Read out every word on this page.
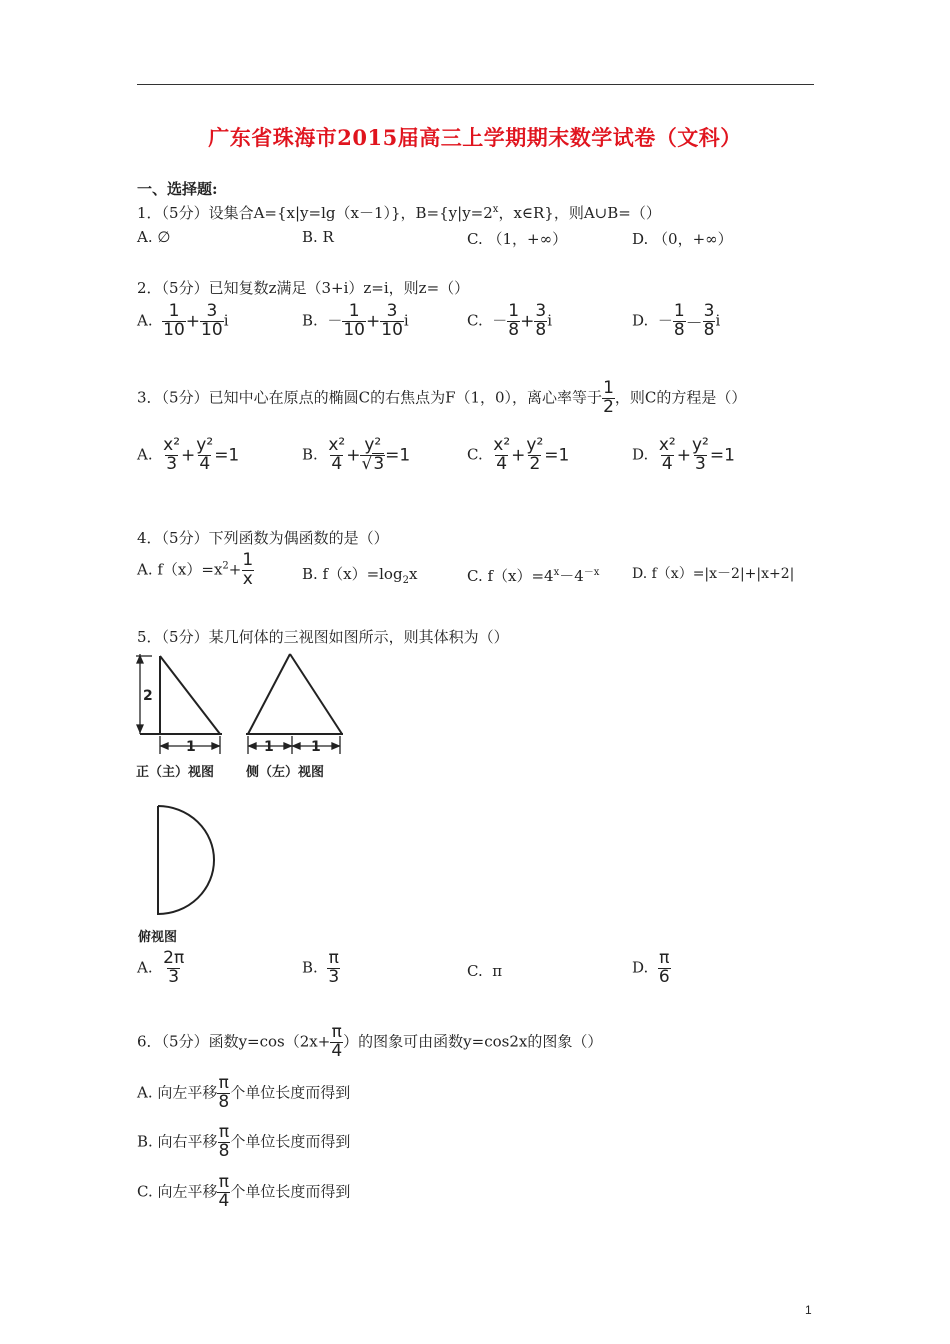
广东省珠海市2015届高三上学期期末数学试卷（文科）
一、选择题:
1．（5分）设集合A={x|y=lg（x－1）}，$B=\{y|y=2^x$，x∈R}，则A∪B=（）
A. ∅	B. R	C. （1，+∞）	D. （0，+∞）
2．（5分）已知复数z满足（3+i）z=i，则z=（）
A. $\frac{1}{10} + \frac{3}{10}$ i	B. － $\frac{1}{10} + \frac{3}{10}$ i	C. － $\frac{1}{8} + \frac{3}{8}$ i	D. － $\frac{1}{8} - \frac{3}{8}$ i
3．（5分）已知中心在原点的椭圆C的右焦点为F（1，0），离心率等于 $\frac{1}{2}$ ，则C的方程是（）
A. $\frac{\text{x²}}{3} + \frac{\text{y²}}{4} =1$	B. $\frac{\text{x²}}{4} + \frac{\text{y²}}{√3} =1$	C. $\frac{\text{x²}}{4} + \frac{\text{y²}}{2} =1$	D. $\frac{\text{x²}}{4} + \frac{\text{y²}}{3} =1$
4．（5分）下列函数为偶函数的是（）
A. $f(x)=x^2+ \frac{1}{x}$	B. $f(x)=\log_2x$	C. $f(x)=4^x-4^{-x}$ D. f（x）=|x－2|+|x+2|
5．（5分）某几何体的三视图如图所示，则其体积为（）
2
1
正（主）视图
1	1
侧（左）视图
俯视图
A. $\frac{2\pi}{3}$	B. $\frac{\pi}{3}$	C. π	D. $\frac{\pi}{6}$
6．（5分）函数$y=\cos(2x+ \frac{\pi}{4}$ ）的图象可由函数y=cos2x的图象（）
A. 向左平移 $\frac{\pi}{8}$ 个单位长度而得到
B. 向右平移 $\frac{\pi}{8}$ 个单位长度而得到
C. 向左平移 $\frac{\pi}{4}$ 个单位长度而得到
1
